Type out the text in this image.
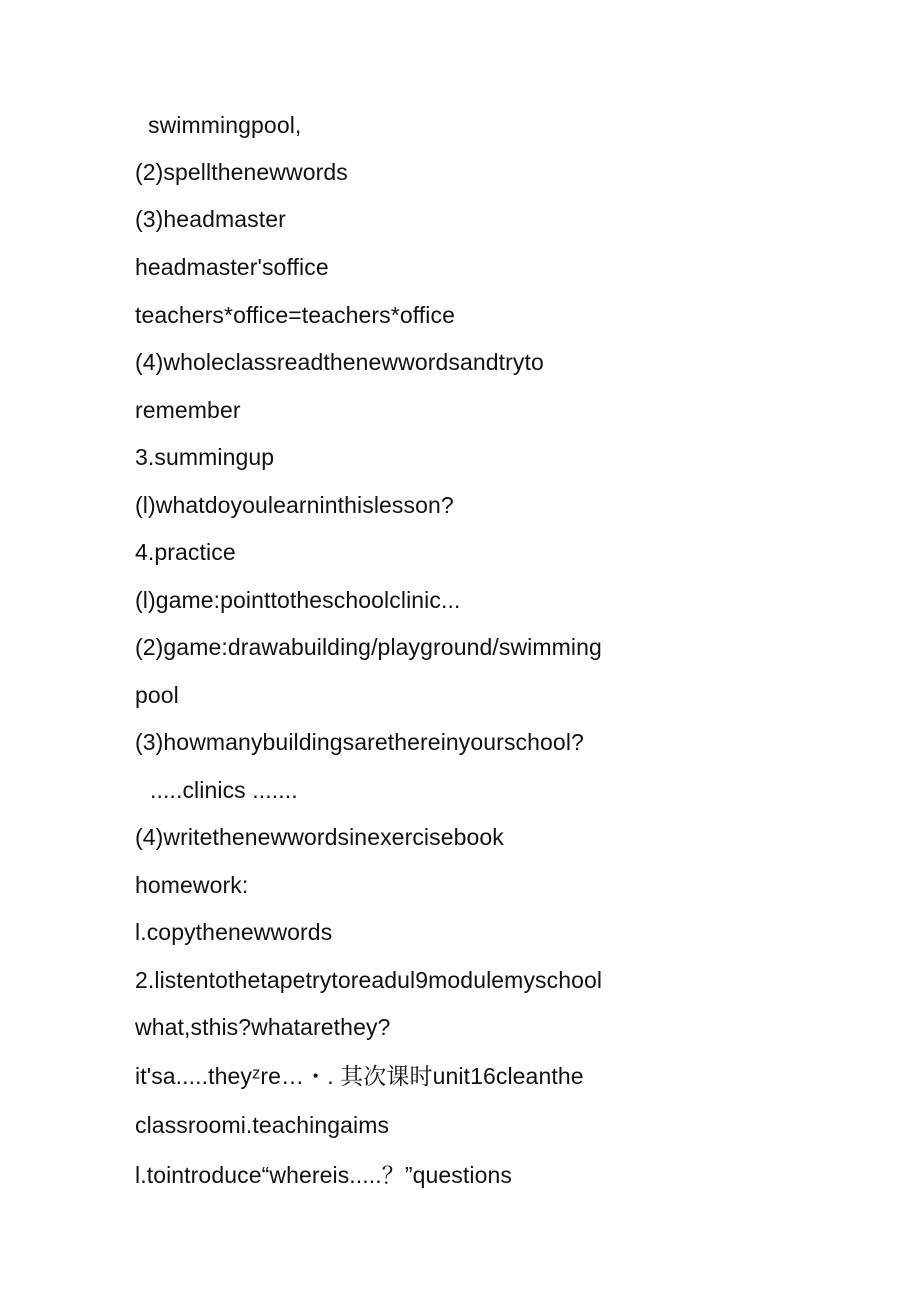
swimmingpool,
(2)spellthenewwords
(3)headmaster
headmaster'soffice
teachers*office=teachers*office
(4)wholeclassreadthenewwordsandtryto
remember
3.summingup
(l)whatdoyoulearninthislesson?
4.practice
(l)game:pointtotheschoolclinic...
(2)game:drawabuilding/playground/swimming
pool
(3)howmanybuildingsarethereinyourschool?
.....clinics .......
(4)writethenewwordsinexercisebook
homework:
l.copythenewwords
2.listentothetapetrytoreadul9modulemyschool
what,sthis?whatarethey?
it'sa.....theyᶻre…・. 其次课时unit16cleanthe
classroomi.teachingaims
l.tointroduce“whereis.....？”questions
